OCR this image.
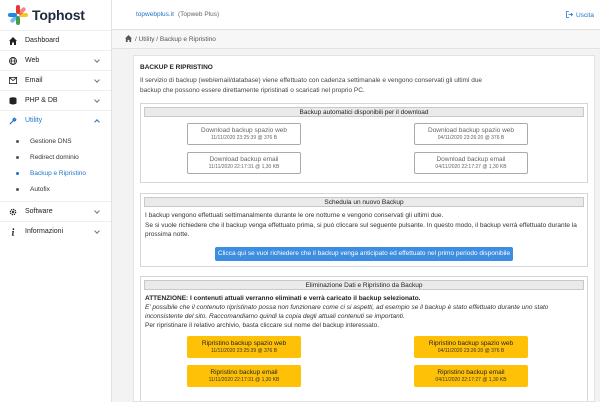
Tophost
Dashboard
Web
Email
PHP & DB
Utility
Gestione DNS
Redirect dominio
Backup e Ripristino
Autofix
Software
Informazioni
topwebplus.it (Topweb Plus)	Uscita
/ Utility / Backup e Ripristino
BACKUP E RIPRISTINO
Il servizio di backup (web/email/database) viene effettuato con cadenza settimanale e vengono conservati gli ultimi due backup che possono essere direttamente ripristinati o scaricati nel proprio PC.
Backup automatici disponibili per il download
Download backup spazio web
11/11/2020 23:25:39 @ 376 B
Download backup spazio web
04/11/2020 23:26:20 @ 376 B
Download backup email
11/11/2020 22:17:31 @ 1,30 KB
Download backup email
04/11/2020 22:17:27 @ 1,30 KB
Schedula un nuovo Backup
I backup vengono effettuati settimanalmente durante le ore notturne e vengono conservati gli ultimi due.
Se si vuole richiedere che il backup venga effettuato prima, si può cliccare sul seguente pulsante. In questo modo, il backup verrà effettuato durante la prossima notte.
Clicca qui se vuoi richiedere che il backup venga anticipato ed effettuato nel primo periodo disponibile
Eliminazione Dati e Ripristino da Backup
ATTENZIONE: I contenuti attuali verranno eliminati e verrà caricato il backup selezionato.
E' possibile che il contenuto ripristinato possa non funzionare come ci si aspetti, ad esempio se il backup è stato effettuato durante uno stato inconsistente del sito. Raccomandiamo quindi la copia degli attuali contenuti se importanti.
Per ripristinare il relativo archivio, basta cliccare sul nome del backup interessato.
Ripristino backup spazio web
11/11/2020 23:25:39 @ 376 B
Ripristino backup spazio web
04/11/2020 23:26:20 @ 376 B
Ripristino backup email
11/11/2020 22:17:31 @ 1,30 KB
Ripristino backup email
04/11/2020 22:17:27 @ 1,30 KB
